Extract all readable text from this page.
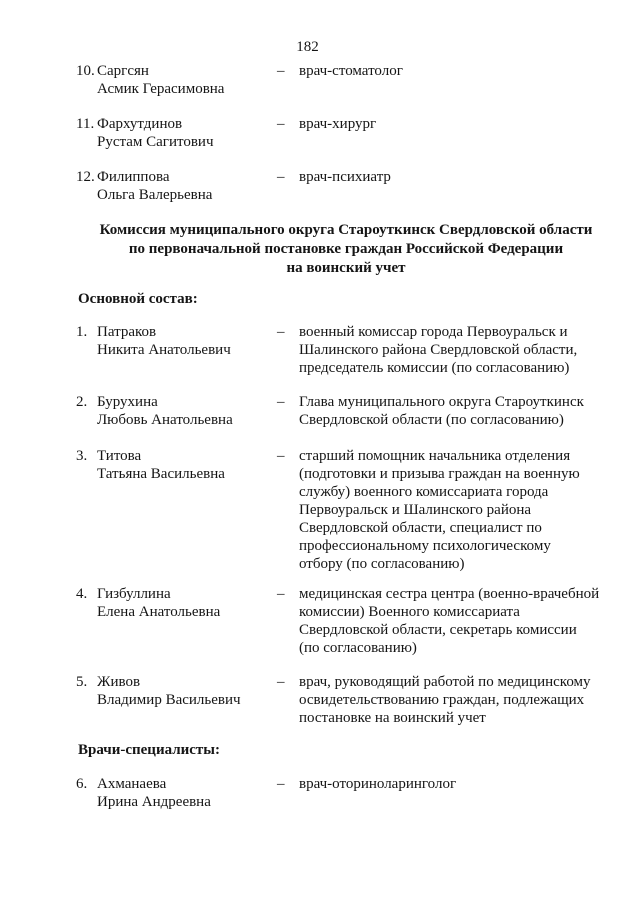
182
10. Саргсян
Асмик Герасимовна
– врач-стоматолог
11. Фархутдинов
Рустам Сагитович
– врач-хирург
12. Филиппова
Ольга Валерьевна
– врач-психиатр
Комиссия муниципального округа Староуткинск Свердловской области
по первоначальной постановке граждан Российской Федерации
на воинский учет
Основной состав:
1. Патраков
Никита Анатольевич
– военный комиссар города Первоуральск и
Шалинского района Свердловской области,
председатель комиссии (по согласованию)
2. Бурухина
Любовь Анатольевна
– Глава муниципального округа Староуткинск
Свердловской области (по согласованию)
3. Титова
Татьяна Васильевна
– старший помощник начальника отделения
(подготовки и призыва граждан на военную
службу) военного комиссариата города
Первоуральск и Шалинского района
Свердловской области, специалист по
профессиональному психологическому
отбору (по согласованию)
4. Гизбуллина
Елена Анатольевна
– медицинская сестра центра (военно-врачебной
комиссии) Военного комиссариата
Свердловской области, секретарь комиссии
(по согласованию)
5. Живов
Владимир Васильевич
– врач, руководящий работой по медицинскому
освидетельствованию граждан, подлежащих
постановке на воинский учет
Врачи-специалисты:
6. Ахманаева
Ирина Андреевна
– врач-оториноларинголог
